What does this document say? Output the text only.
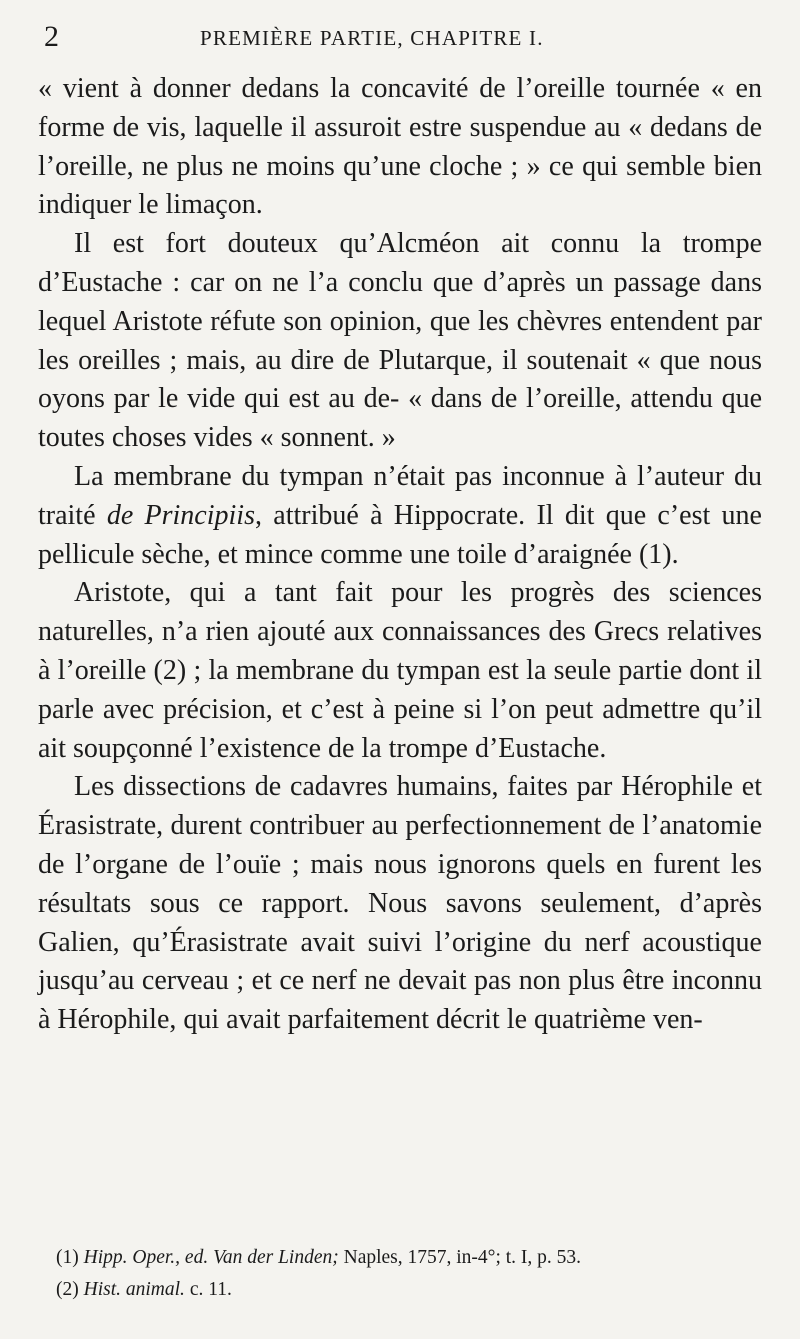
2	PREMIÈRE PARTIE, CHAPITRE I.

« vient à donner dedans la concavité de l’oreille tournée « en forme de vis, laquelle il assuroit estre suspendue au « dedans de l’oreille, ne plus ne moins qu’une cloche ; » ce qui semble bien indiquer le limaçon.

Il est fort douteux qu’Alcméon ait connu la trompe d’Eustache : car on ne l’a conclu que d’après un passage dans lequel Aristote réfute son opinion, que les chèvres entendent par les oreilles ; mais, au dire de Plutarque, il soutenait « que nous oyons par le vide qui est au de- « dans de l’oreille, attendu que toutes choses vides « sonnent. »

La membrane du tympan n’était pas inconnue à l’auteur du traité de Principiis, attribué à Hippocrate. Il dit que c’est une pellicule sèche, et mince comme une toile d’araignée (1).

Aristote, qui a tant fait pour les progrès des sciences naturelles, n’a rien ajouté aux connaissances des Grecs relatives à l’oreille (2) ; la membrane du tympan est la seule partie dont il parle avec précision, et c’est à peine si l’on peut admettre qu’il ait soupçonné l’existence de la trompe d’Eustache.

Les dissections de cadavres humains, faites par Hérophile et Érasistrate, durent contribuer au perfectionnement de l’anatomie de l’organe de l’ouïe ; mais nous ignorons quels en furent les résultats sous ce rapport. Nous savons seulement, d’après Galien, qu’Érasistrate avait suivi l’origine du nerf acoustique jusqu’au cerveau ; et ce nerf ne devait pas non plus être inconnu à Hérophile, qui avait parfaitement décrit le quatrième ven-

(1) Hipp. Oper., ed. Van der Linden; Naples, 1757, in-4°; t. I, p. 53.

(2) Hist. animal. c. 11.
